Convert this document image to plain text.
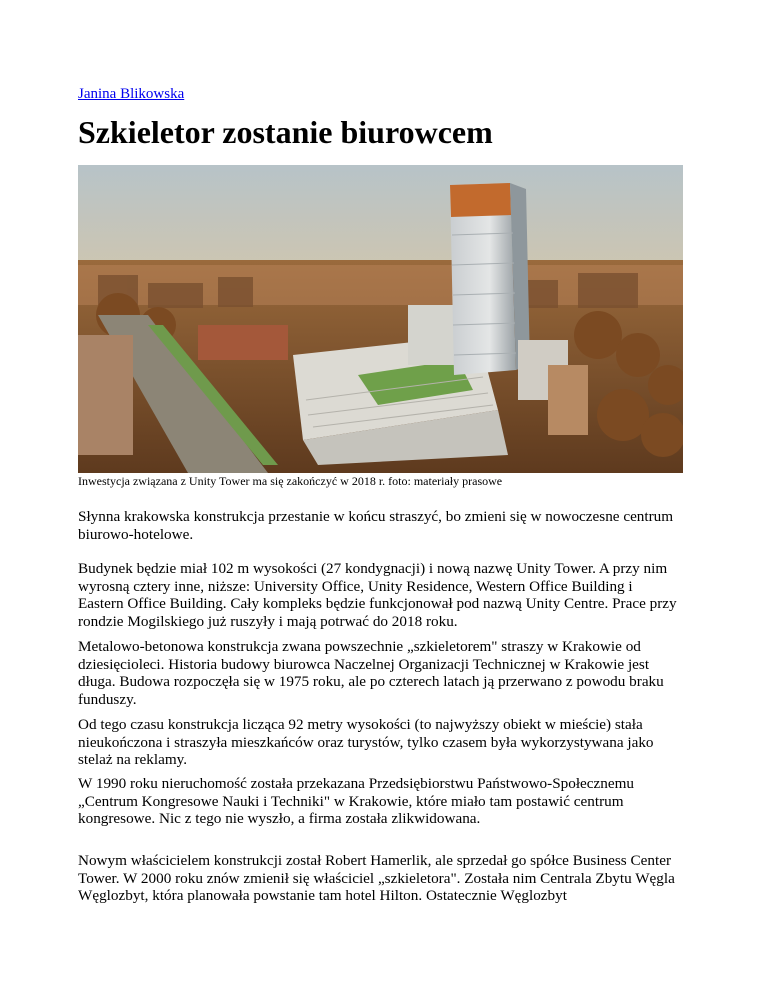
Janina Blikowska
Szkieletor zostanie biurowcem
Inwestycja związana z Unity Tower ma się zakończyć w 2018 r. foto: materiały prasowe

Słynna krakowska konstrukcja przestanie w końcu straszyć, bo zmieni się w nowoczesne centrum biurowo-hotelowe.

Budynek będzie miał 102 m wysokości (27 kondygnacji) i nową nazwę Unity Tower. A przy nim wyrosną cztery inne, niższe: University Office, Unity Residence, Western Office Building i Eastern Office Building. Cały kompleks będzie funkcjonował pod nazwą Unity Centre. Prace przy rondzie Mogilskiego już ruszyły i mają potrwać do 2018 roku.

Metalowo-betonowa konstrukcja zwana powszechnie „szkieletorem" straszy w Krakowie od dziesięcioleci. Historia budowy biurowca Naczelnej Organizacji Technicznej w Krakowie jest długa. Budowa rozpoczęła się w 1975 roku, ale po czterech latach ją przerwano z powodu braku funduszy.

Od tego czasu konstrukcja licząca 92 metry wysokości (to najwyższy obiekt w mieście) stała nieukończona i straszyła mieszkańców oraz turystów, tylko czasem była wykorzystywana jako stelaż na reklamy.

W 1990 roku nieruchomość została przekazana Przedsiębiorstwu Państwowo-Społecznemu „Centrum Kongresowe Nauki i Techniki" w Krakowie, które miało tam postawić centrum kongresowe. Nic z tego nie wyszło, a firma została zlikwidowana.

Nowym właścicielem konstrukcji został Robert Hamerlik, ale sprzedał go spółce Business Center Tower. W 2000 roku znów zmienił się właściciel „szkieletora". Została nim Centrala Zbytu Węgla Węglozbyt, która planowała powstanie tam hotel Hilton. Ostatecznie Węglozbyt
